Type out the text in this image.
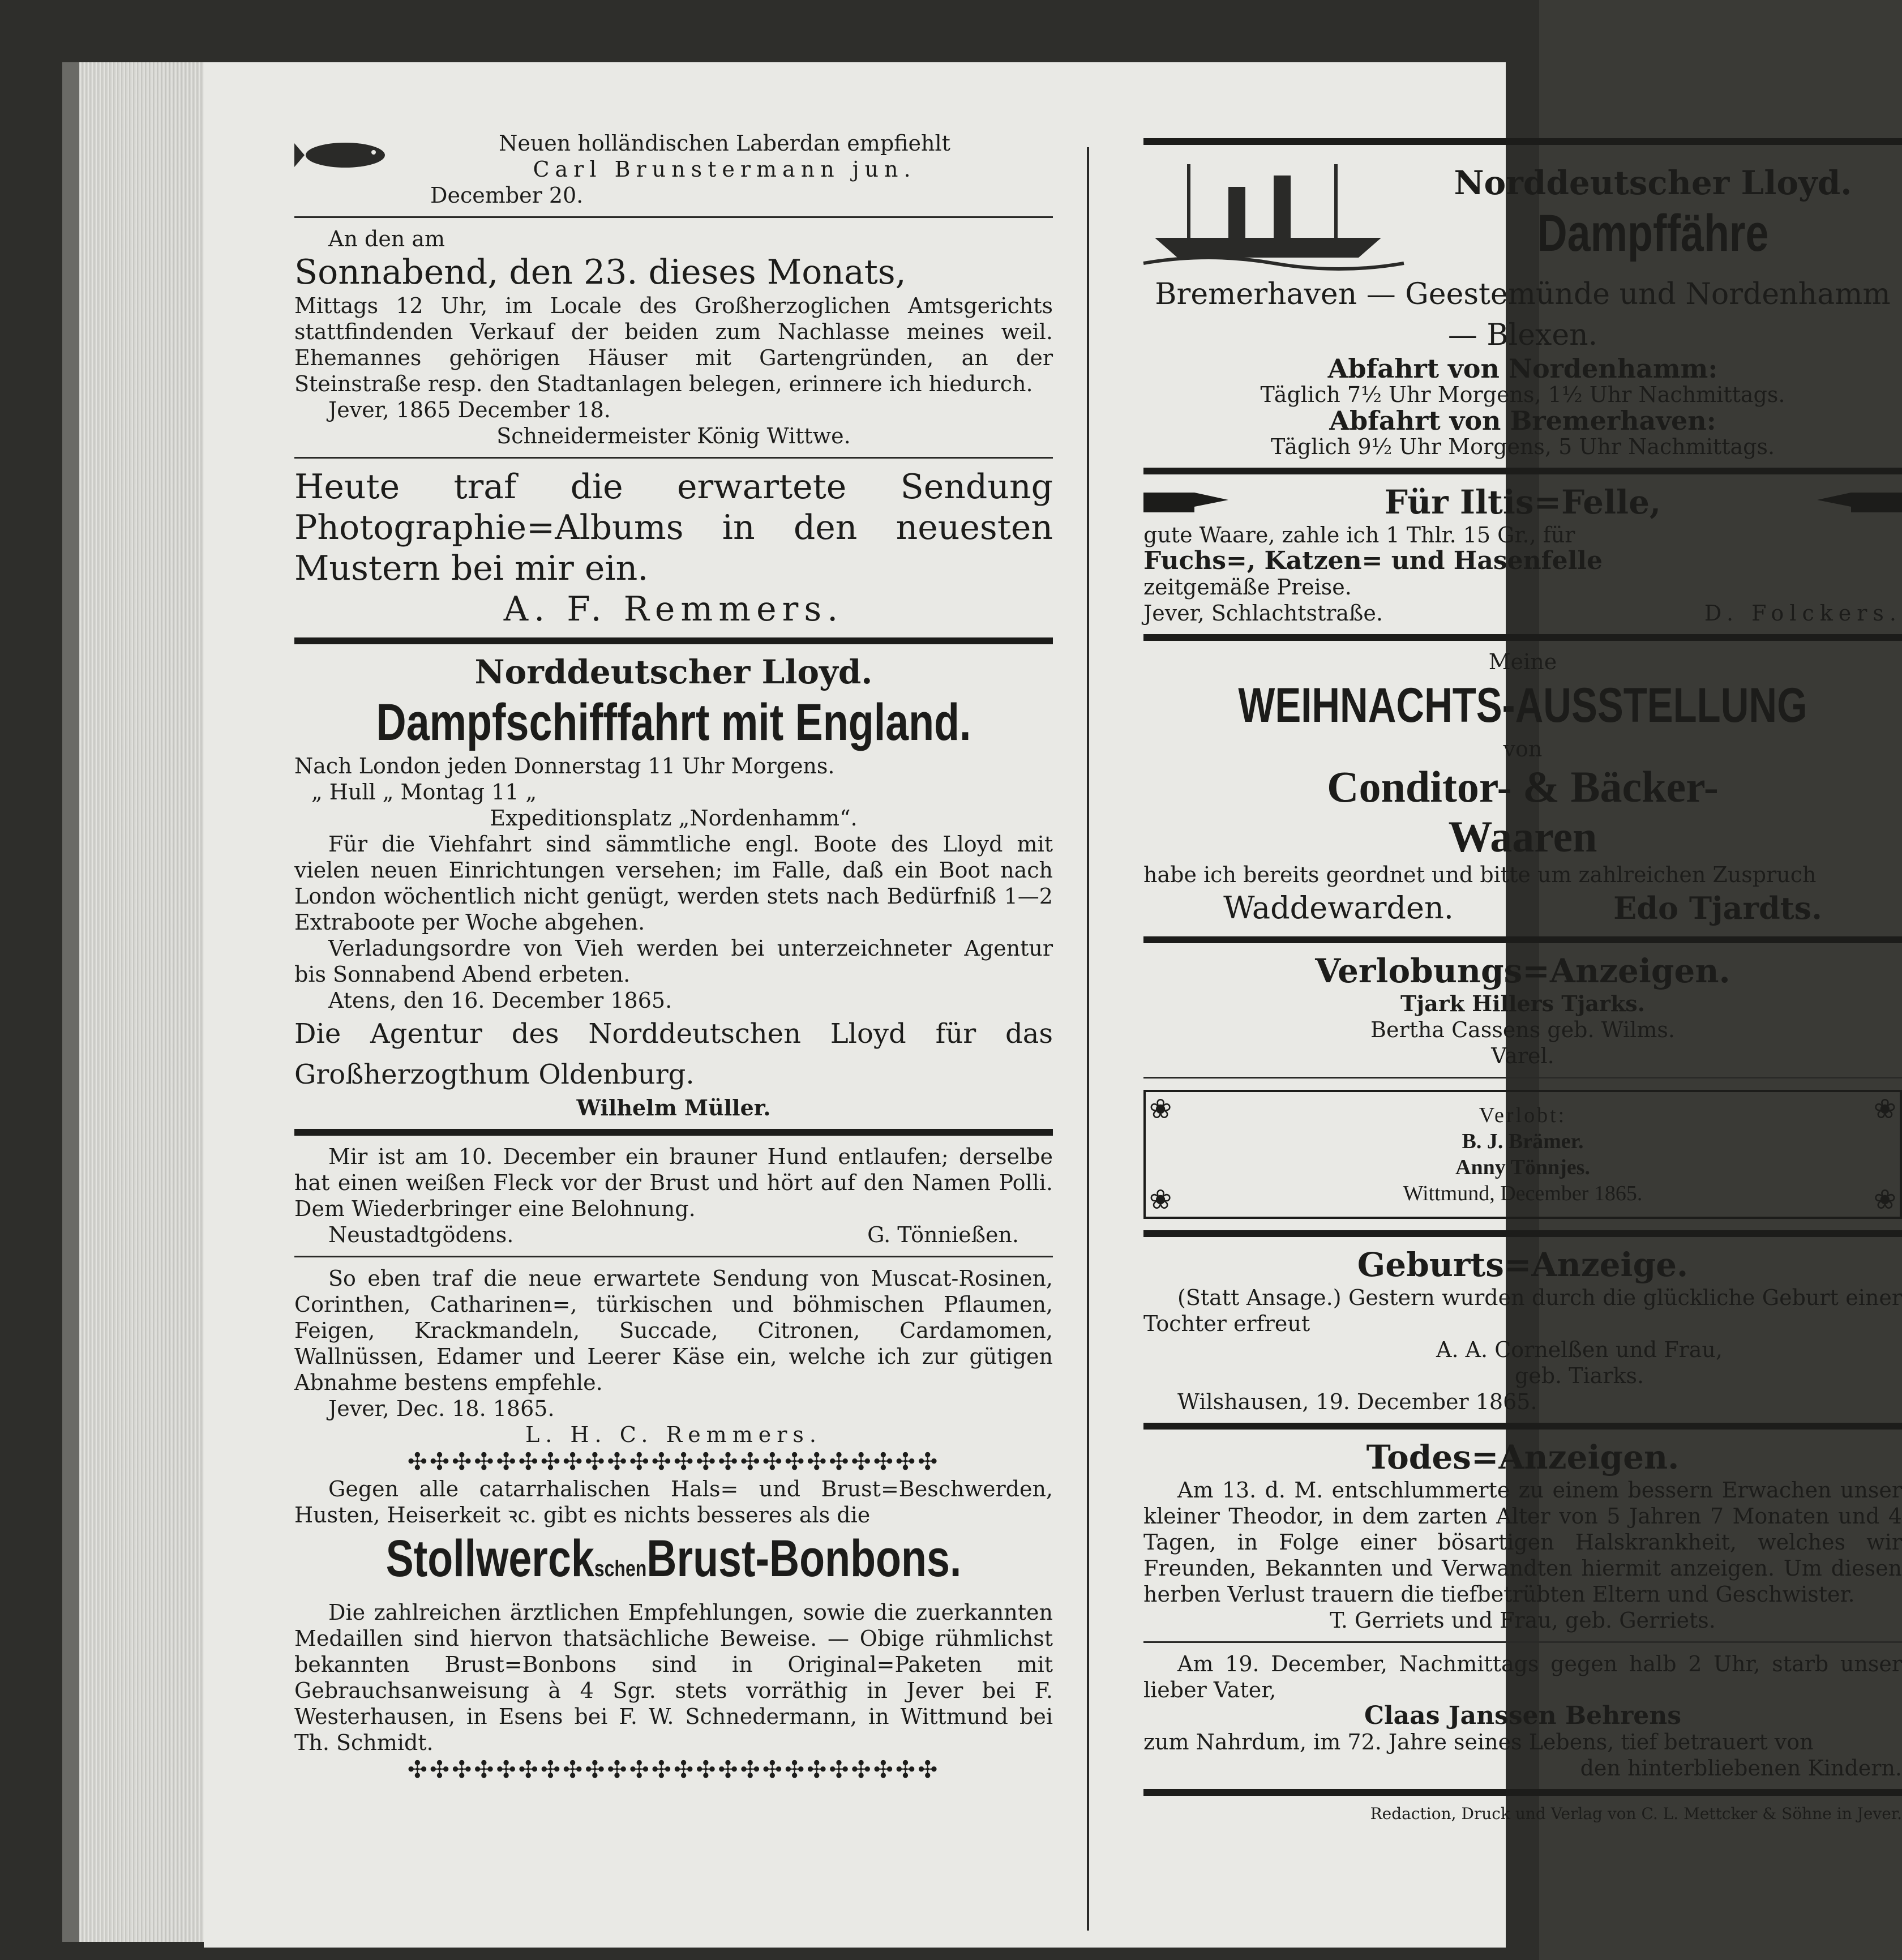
Neuen holländischen Laberdan empfiehlt

Carl Brunstermann jun.

December 20.

An den am

Sonnabend, den 23. dieses Monats,

Mittags 12 Uhr, im Locale des Großherzoglichen Amtsgerichts stattfindenden Verkauf der beiden zum Nachlasse meines weil. Ehemannes gehörigen Häuser mit Gartengründen, an der Steinstraße resp. den Stadtanlagen belegen, erinnere ich hiedurch.

Jever, 1865 December 18.

Schneidermeister König Wittwe.

Heute traf die erwartete Sendung Photographie=Albums in den neuesten Mustern bei mir ein.

A. F. Remmers.

Norddeutscher Lloyd.

Dampfschifffahrt mit England.

Nach London jeden Donnerstag 11 Uhr Morgens.

„ Hull „ Montag 11 „

Expeditionsplatz „Nordenhamm“.

Für die Viehfahrt sind sämmtliche engl. Boote des Lloyd mit vielen neuen Einrichtungen versehen; im Falle, daß ein Boot nach London wöchentlich nicht genügt, werden stets nach Bedürfniß 1—2 Extraboote per Woche abgehen.

Verladungsordre von Vieh werden bei unterzeichneter Agentur bis Sonnabend Abend erbeten.

Atens, den 16. December 1865.

Die Agentur des Norddeutschen Lloyd für das Großherzogthum Oldenburg.

Wilhelm Müller.

Mir ist am 10. December ein brauner Hund entlaufen; derselbe hat einen weißen Fleck vor der Brust und hört auf den Namen Polli. Dem Wiederbringer eine Belohnung.

Neustadtgödens.	G. Tönnießen.

So eben traf die neue erwartete Sendung von Muscat-Rosinen, Corinthen, Catharinen=, türkischen und böhmischen Pflaumen, Feigen, Krackmandeln, Succade, Citronen, Cardamomen, Wallnüssen, Edamer und Leerer Käse ein, welche ich zur gütigen Abnahme bestens empfehle.

Jever, Dec. 18. 1865.

L. H. C. Remmers.

✣✣✣✣✣✣✣✣✣✣✣✣✣✣✣✣✣✣✣✣✣✣✣✣

Gegen alle catarrhalischen Hals= und Brust=Beschwerden, Husten, Heiserkeit ꝛc. gibt es nichts besseres als die

StollwerckschenBrust-Bonbons.

Die zahlreichen ärztlichen Empfehlungen, sowie die zuerkannten Medaillen sind hiervon thatsächliche Beweise. — Obige rühmlichst bekannten Brust=Bonbons sind in Original=Paketen mit Gebrauchsanweisung à 4 Sgr. stets vorräthig in Jever bei F. Westerhausen, in Esens bei F. W. Schnedermann, in Wittmund bei Th. Schmidt.

✣✣✣✣✣✣✣✣✣✣✣✣✣✣✣✣✣✣✣✣✣✣✣✣

Norddeutscher Lloyd.

Dampffähre

Bremerhaven — Geestemünde und Nordenhamm — Blexen.

Abfahrt von Nordenhamm:

Täglich 7½ Uhr Morgens, 1½ Uhr Nachmittags.

Abfahrt von Bremerhaven:

Täglich 9½ Uhr Morgens, 5 Uhr Nachmittags.

Für Iltis=Felle,

gute Waare, zahle ich 1 Thlr. 15 Gr., für

Fuchs=, Katzen= und Hasenfelle

zeitgemäße Preise.

Jever, Schlachtstraße.	D. Folckers.

Meine

WEIHNACHTS-AUSSTELLUNG

von

Conditor- & Bäcker-

Waaren

habe ich bereits geordnet und bitte um zahlreichen Zuspruch

Waddewarden.	Edo Tjardts.

Verlobungs=Anzeigen.

Tjark Hillers Tjarks.

Bertha Cassens geb. Wilms.

Varel.

❀	❀
❀	❀

Verlobt:

B. J. Brämer.

Anny Tönnjes.

Wittmund, December 1865.

Geburts=Anzeige.

(Statt Ansage.) Gestern wurden durch die glückliche Geburt einer Tochter erfreut

A. A. Cornelßen und Frau,

geb. Tiarks.

Wilshausen, 19. December 1865.

Todes=Anzeigen.

Am 13. d. M. entschlummerte zu einem bessern Erwachen unser kleiner Theodor, in dem zarten Alter von 5 Jahren 7 Monaten und 4 Tagen, in Folge einer bösartigen Halskrankheit, welches wir Freunden, Bekannten und Verwandten hiermit anzeigen. Um diesen herben Verlust trauern die tiefbetrübten Eltern und Geschwister.

T. Gerriets und Frau, geb. Gerriets.

Am 19. December, Nachmittags gegen halb 2 Uhr, starb unser lieber Vater,

Claas Janssen Behrens

zum Nahrdum, im 72. Jahre seines Lebens, tief betrauert von

den hinterbliebenen Kindern.

Redaction, Druck und Verlag von C. L. Mettcker & Söhne in Jever.
